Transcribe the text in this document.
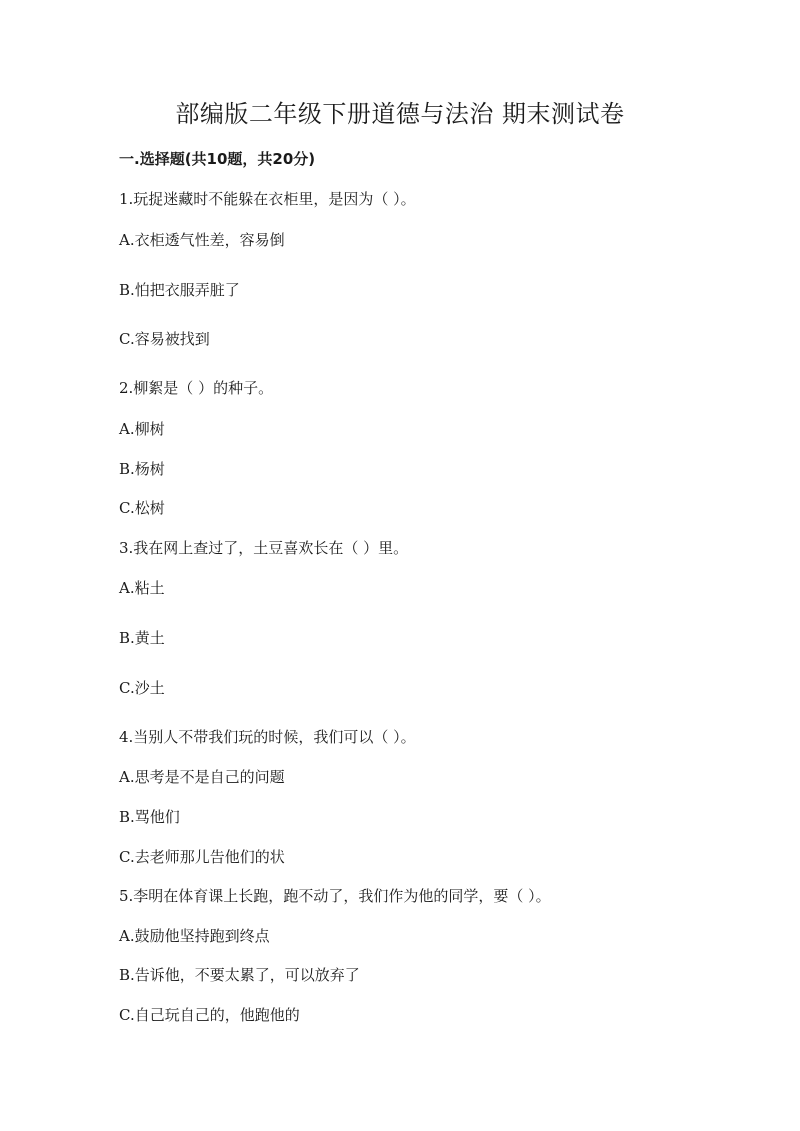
部编版二年级下册道德与法治 期末测试卷
一.选择题(共10题，共20分)
1.玩捉迷藏时不能躲在衣柜里，是因为（ ）。
A.衣柜透气性差，容易倒
B.怕把衣服弄脏了
C.容易被找到
2.柳絮是（ ）的种子。
A.柳树
B.杨树
C.松树
3.我在网上查过了，土豆喜欢长在（ ）里。
A.粘土
B.黄土
C.沙土
4.当别人不带我们玩的时候，我们可以（ ）。
A.思考是不是自己的问题
B.骂他们
C.去老师那儿告他们的状
5.李明在体育课上长跑，跑不动了，我们作为他的同学，要（ ）。
A.鼓励他坚持跑到终点
B.告诉他，不要太累了，可以放弃了
C.自己玩自己的，他跑他的
